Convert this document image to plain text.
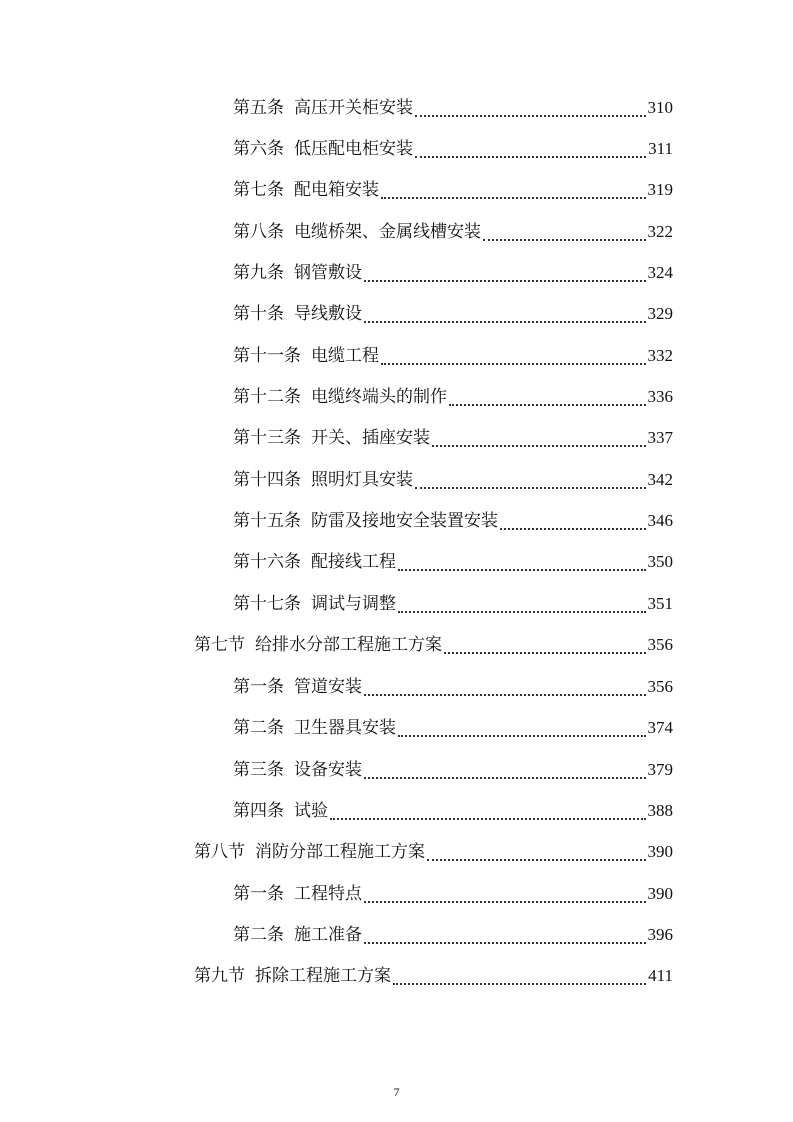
第五条 高压开关柜安装	310
第六条 低压配电柜安装	311
第七条 配电箱安装	319
第八条 电缆桥架、金属线槽安装	322
第九条 钢管敷设	324
第十条 导线敷设	329
第十一条 电缆工程	332
第十二条 电缆终端头的制作	336
第十三条 开关、插座安装	337
第十四条 照明灯具安装	342
第十五条 防雷及接地安全装置安装	346
第十六条 配接线工程	350
第十七条 调试与调整	351
第七节 给排水分部工程施工方案	356
第一条 管道安装	356
第二条 卫生器具安装	374
第三条 设备安装	379
第四条 试验	388
第八节 消防分部工程施工方案	390
第一条 工程特点	390
第二条 施工准备	396
第九节 拆除工程施工方案	411
7
